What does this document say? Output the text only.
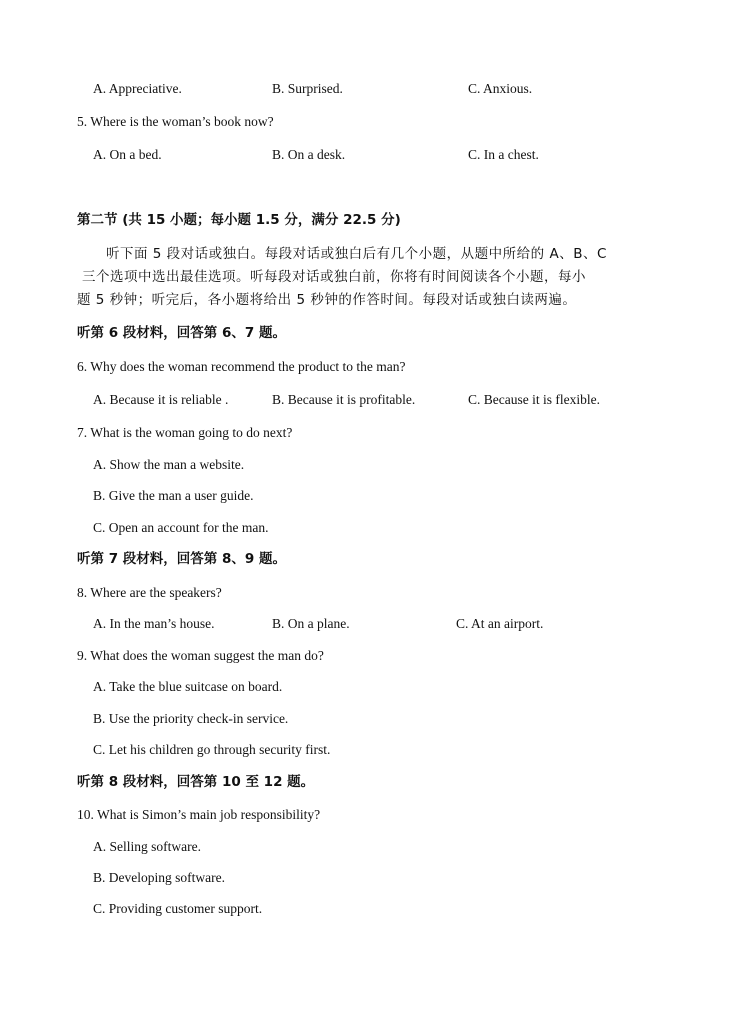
A. Appreciative.	B. Surprised.	C. Anxious.
5. Where is the woman’s book now?
A. On a bed.	B. On a desk.	C. In a chest.
第二节 (共 15 小题；每小题 1.5 分，满分 22.5 分)
听下面 5 段对话或独白。每段对话或独白后有几个小题，从题中所给的 A、B、C
三个选项中选出最佳选项。听每段对话或独白前，你将有时间阅读各个小题，每小
题 5 秒钟；听完后，各小题将给出 5 秒钟的作答时间。每段对话或独白读两遍。
听第 6 段材料，回答第 6、7 题。
6. Why does the woman recommend the product to the man?
A. Because it is reliable .	B. Because it is profitable.	C. Because it is flexible.
7. What is the woman going to do next?
A. Show the man a website.
B. Give the man a user guide.
C. Open an account for the man.
听第 7 段材料，回答第 8、9 题。
8. Where are the speakers?
A. In the man’s house.	B. On a plane.	C. At an airport.
9. What does the woman suggest the man do?
A. Take the blue suitcase on board.
B. Use the priority check-in service.
C. Let his children go through security first.
听第 8 段材料，回答第 10 至 12 题。
10. What is Simon’s main job responsibility?
A. Selling software.
B. Developing software.
C. Providing customer support.
